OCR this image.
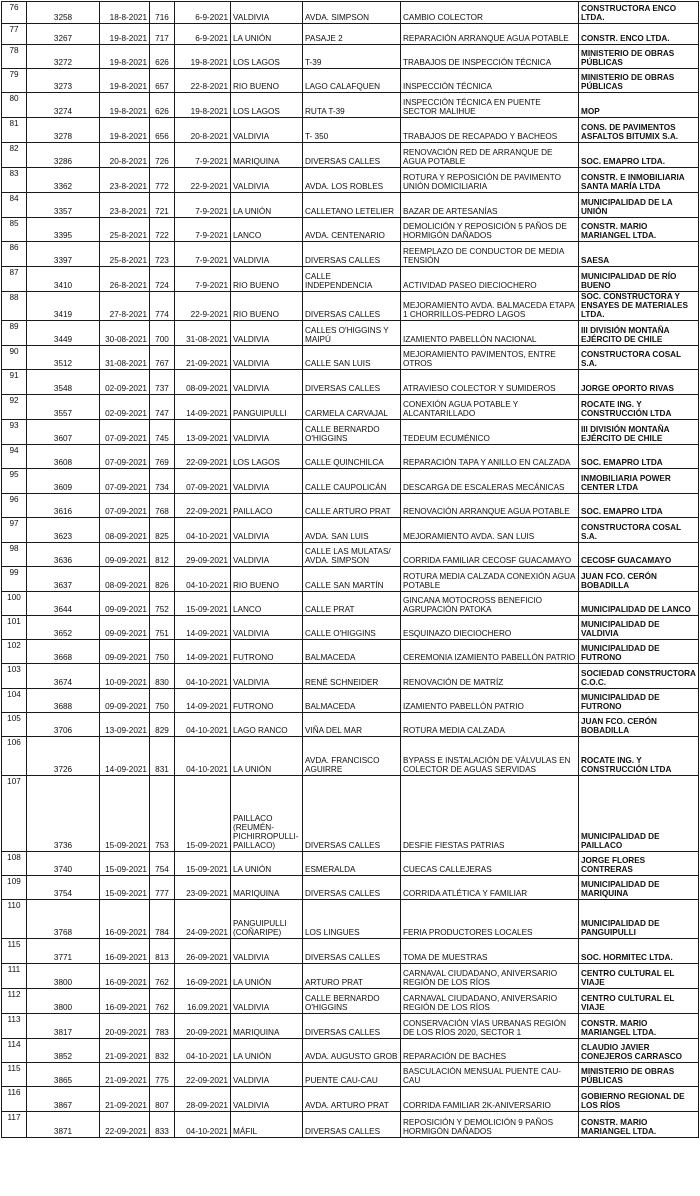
76	3258	18-8-2021	716	6-9-2021	VALDIVIA	AVDA. SIMPSON	CAMBIO COLECTOR	CONSTRUCTORA ENCO LTDA.
77	3267	19-8-2021	717	6-9-2021	LA UNIÓN	PASAJE 2	REPARACIÓN ARRANQUE AGUA POTABLE	CONSTR. ENCO LTDA.
78	3272	19-8-2021	626	19-8-2021	LOS LAGOS	T-39	TRABAJOS DE INSPECCIÓN TÉCNICA	MINISTERIO DE OBRAS PÚBLICAS
79	3273	19-8-2021	657	22-8-2021	RIO BUENO	LAGO CALAFQUEN	INSPECCIÓN TÉCNICA	MINISTERIO DE OBRAS PÚBLICAS
80	3274	19-8-2021	626	19-8-2021	LOS LAGOS	RUTA T-39	INSPECCIÓN TÉCNICA EN PUENTE SECTOR MALIHUE	MOP
81	3278	19-8-2021	656	20-8-2021	VALDIVIA	T- 350	TRABAJOS DE RECAPADO Y BACHEOS	CONS. DE PAVIMENTOS ASFALTOS BITUMIX S.A.
82	3286	20-8-2021	726	7-9-2021	MARIQUINA	DIVERSAS CALLES	RENOVACIÓN RED DE ARRANQUE DE AGUA POTABLE	SOC. EMAPRO LTDA.
83	3362	23-8-2021	772	22-9-2021	VALDIVIA	AVDA. LOS ROBLES	ROTURA Y REPOSICIÓN DE PAVIMENTO UNIÓN DOMICILIARIA	CONSTR. E INMOBILIARIA SANTA MARÍA LTDA
84	3357	23-8-2021	721	7-9-2021	LA UNIÓN	CALLETANO LETELIER	BAZAR DE ARTESANÍAS	MUNICIPALIDAD DE LA UNIÓN
85	3395	25-8-2021	722	7-9-2021	LANCO	AVDA. CENTENARIO	DEMOLICIÓN Y REPOSICIÓN 5 PAÑOS DE HORMIGÓN DAÑADOS	CONSTR. MARIO MARIANGEL LTDA.
86	3397	25-8-2021	723	7-9-2021	VALDIVIA	DIVERSAS CALLES	REEMPLAZO DE CONDUCTOR DE MEDIA TENSIÓN	SAESA
87	3410	26-8-2021	724	7-9-2021	RIO BUENO	CALLE INDEPENDENCIA	ACTIVIDAD PASEO DIECIOCHERO	MUNICIPALIDAD DE RÍO BUENO
88	3419	27-8-2021	774	22-9-2021	RIO BUENO	DIVERSAS CALLES	MEJORAMIENTO AVDA. BALMACEDA ETAPA 1 CHORRILLOS-PEDRO LAGOS	SOC. CONSTRUCTORA Y ENSAYES DE MATERIALES LTDA.
89	3449	30-08-2021	700	31-08-2021	VALDIVIA	CALLES O'HIGGINS Y MAIPÚ	IZAMIENTO PABELLÓN NACIONAL	III DIVISIÓN MONTAÑA EJÉRCITO DE CHILE
90	3512	31-08-2021	767	21-09-2021	VALDIVIA	CALLE SAN LUIS	MEJORAMIENTO PAVIMENTOS, ENTRE OTROS	CONSTRUCTORA COSAL S.A.
91	3548	02-09-2021	737	08-09-2021	VALDIVIA	DIVERSAS CALLES	ATRAVIESO COLECTOR Y SUMIDEROS	JORGE OPORTO RIVAS
92	3557	02-09-2021	747	14-09-2021	PANGUIPULLI	CARMELA CARVAJAL	CONEXIÓN AGUA POTABLE Y ALCANTARILLADO	ROCATE ING. Y CONSTRUCCIÓN LTDA
93	3607	07-09-2021	745	13-09-2021	VALDIVIA	CALLE BERNARDO O'HIGGINS	TEDEUM ECUMÉNICO	III DIVISIÓN MONTAÑA EJÉRCITO DE CHILE
94	3608	07-09-2021	769	22-09-2021	LOS LAGOS	CALLE QUINCHILCA	REPARACIÓN TAPA Y ANILLO EN CALZADA	SOC. EMAPRO LTDA
95	3609	07-09-2021	734	07-09-2021	VALDIVIA	CALLE CAUPOLICÁN	DESCARGA DE ESCALERAS MECÁNICAS	INMOBILIARIA POWER CENTER LTDA
96	3616	07-09-2021	768	22-09-2021	PAILLACO	CALLE ARTURO PRAT	RENOVACIÓN ARRANQUE AGUA POTABLE	SOC. EMAPRO LTDA
97	3623	08-09-2021	825	04-10-2021	VALDIVIA	AVDA. SAN LUIS	MEJORAMIENTO AVDA. SAN LUIS	CONSTRUCTORA COSAL S.A.
98	3636	09-09-2021	812	29-09-2021	VALDIVIA	CALLE LAS MULATAS/ AVDA. SIMPSON	CORRIDA FAMILIAR CECOSF GUACAMAYO	CECOSF GUACAMAYO
99	3637	08-09-2021	826	04-10-2021	RIO BUENO	CALLE SAN MARTÍN	ROTURA MEDIA CALZADA CONEXIÓN AGUA POTABLE	JUAN FCO. CERÓN BOBADILLA
100	3644	09-09-2021	752	15-09-2021	LANCO	CALLE PRAT	GINCANA MOTOCROSS BENEFICIO AGRUPACIÓN PATOKA	MUNICIPALIDAD DE LANCO
101	3652	09-09-2021	751	14-09-2021	VALDIVIA	CALLE O'HIGGINS	ESQUINAZO DIECIOCHERO	MUNICIPALIDAD DE VALDIVIA
102	3668	09-09-2021	750	14-09-2021	FUTRONO	BALMACEDA	CEREMONIA IZAMIENTO PABELLÓN PATRIO	MUNICIPALIDAD DE FUTRONO
103	3674	10-09-2021	830	04-10-2021	VALDIVIA	RENÉ SCHNEIDER	RENOVACIÓN DE MATRÍZ	SOCIEDAD CONSTRUCTORA C.O.C.
104	3688	09-09-2021	750	14-09-2021	FUTRONO	BALMACEDA	IZAMIENTO PABELLÓN PATRIO	MUNICIPALIDAD DE FUTRONO
105	3706	13-09-2021	829	04-10-2021	LAGO RANCO	VIÑA DEL MAR	ROTURA MEDIA CALZADA	JUAN FCO. CERÓN BOBADILLA
106	3726	14-09-2021	831	04-10-2021	LA UNIÓN	AVDA. FRANCISCO AGUIRRE	BYPASS E INSTALACIÓN DE VÁLVULAS EN COLECTOR DE AGUAS SERVIDAS	ROCATE ING. Y CONSTRUCCIÓN LTDA
107	3736	15-09-2021	753	15-09-2021	PAILLACO (REUMÉN-PICHIRROPULLI-PAILLACO)	DIVERSAS CALLES	DESFIE FIESTAS PATRIAS	MUNICIPALIDAD DE PAILLACO
108	3740	15-09-2021	754	15-09-2021	LA UNIÓN	ESMERALDA	CUECAS CALLEJERAS	JORGE FLORES CONTRERAS
109	3754	15-09-2021	777	23-09-2021	MARIQUINA	DIVERSAS CALLES	CORRIDA ATLÉTICA Y FAMILIAR	MUNICIPALIDAD DE MARIQUINA
110	3768	16-09-2021	784	24-09-2021	PANGUIPULLI (COÑARIPE)	LOS LINGUES	FERIA PRODUCTORES LOCALES	MUNICIPALIDAD DE PANGUIPULLI
115	3771	16-09-2021	813	26-09-2021	VALDIVIA	DIVERSAS CALLES	TOMA DE MUESTRAS	SOC. HORMITEC LTDA.
111	3800	16-09-2021	762	16-09-2021	LA UNIÓN	ARTURO PRAT	CARNAVAL CIUDADANO, ANIVERSARIO REGIÓN DE LOS RÍOS	CENTRO CULTURAL EL VIAJE
112	3800	16-09-2021	762	16.09.2021	VALDIVIA	CALLE BERNARDO O'HIGGINS	CARNAVAL CIUDADANO, ANIVERSARIO REGIÓN DE LOS RÍOS	CENTRO CULTURAL EL VIAJE
113	3817	20-09-2021	783	20-09-2021	MARIQUINA	DIVERSAS CALLES	CONSERVACIÓN VÍAS URBANAS REGIÓN DE LOS RÍOS 2020, SECTOR 1	CONSTR. MARIO MARIANGEL LTDA.
114	3852	21-09-2021	832	04-10-2021	LA UNIÓN	AVDA. AUGUSTO GROB	REPARACIÓN DE BACHES	CLAUDIO JAVIER CONEJEROS CARRASCO
115	3865	21-09-2021	775	22-09-2021	VALDIVIA	PUENTE CAU-CAU	BASCULACIÓN MENSUAL PUENTE CAU-CAU	MINISTERIO DE OBRAS PÚBLICAS
116	3867	21-09-2021	807	28-09-2021	VALDIVIA	AVDA. ARTURO PRAT	CORRIDA FAMILIAR 2K-ANIVERSARIO	GOBIERNO REGIONAL DE LOS RÍOS
117	3871	22-09-2021	833	04-10-2021	MÁFIL	DIVERSAS CALLES	REPOSICIÓN Y DEMOLICIÓN 9 PAÑOS HORMIGÓN DAÑADOS	CONSTR. MARIO MARIANGEL LTDA.
